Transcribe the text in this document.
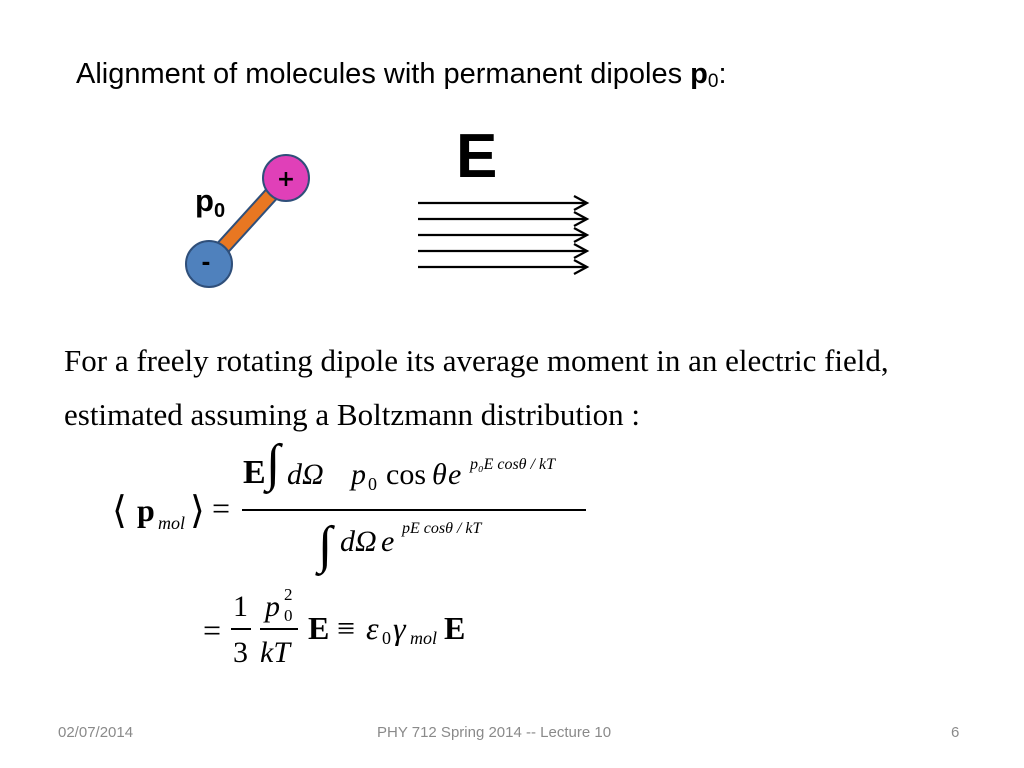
Alignment of molecules with permanent dipoles $p_0$:
+
-
$p_0$
E
For a freely rotating dipole its average moment in an electric field,
estimated assuming a Boltzmann distribution :
⟨ p mol ⟩ =
E ∫ dΩ p 0 cos θ e p₀E cosθ / kT
∫ dΩ e pE cosθ / kT
=
1
3
p 2
0
kT
E ≡ ε 0 γ mol E
02/07/2014	PHY 712 Spring 2014 -- Lecture 10	6
